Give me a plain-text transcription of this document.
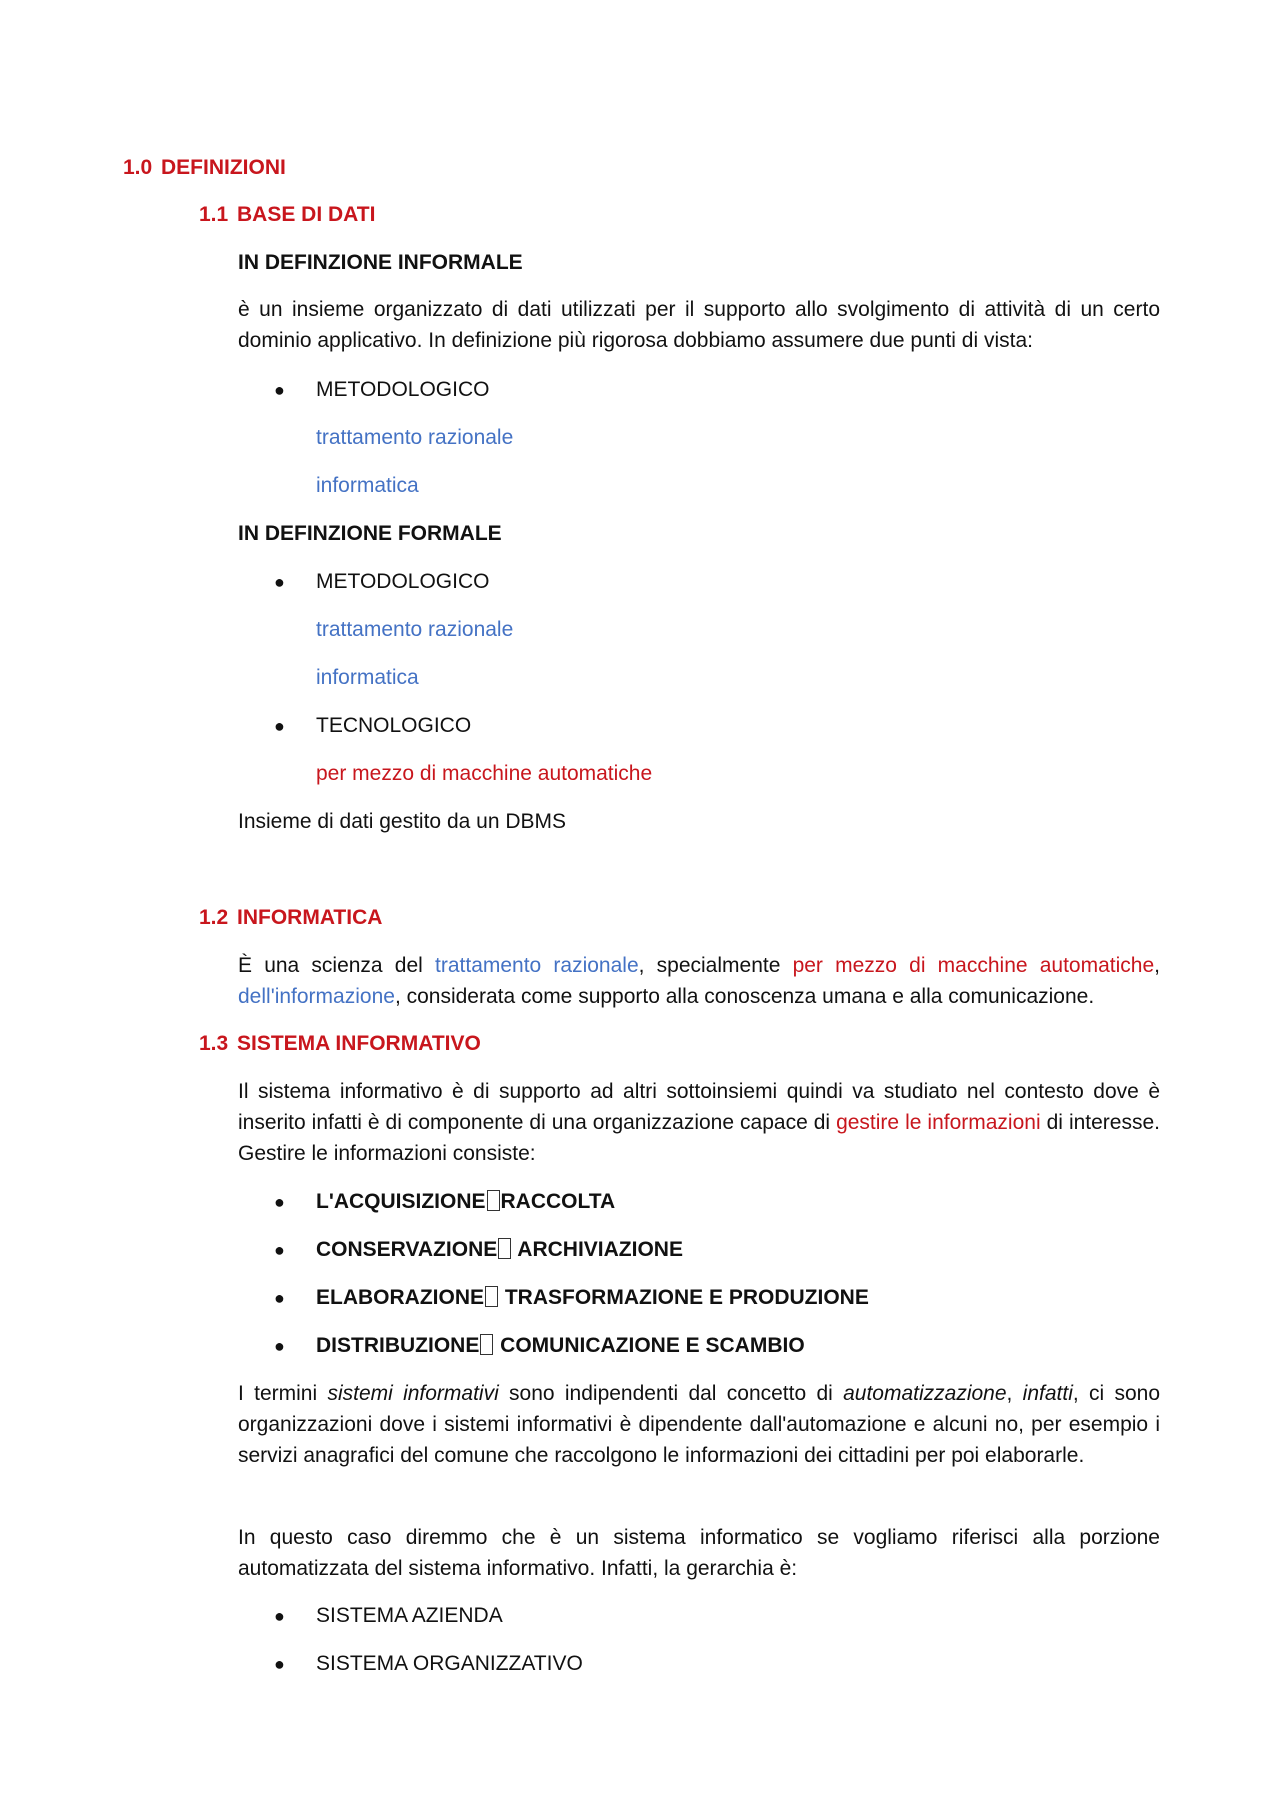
1.0 DEFINIZIONI

1.1 BASE DI DATI

IN DEFINZIONE INFORMALE

è un insieme organizzato di dati utilizzati per il supporto allo svolgimento di attività di un certo dominio applicativo. In definizione più rigorosa dobbiamo assumere due punti di vista:

● METODOLOGICO

trattamento razionale

informatica

IN DEFINZIONE FORMALE

● METODOLOGICO

trattamento razionale

informatica

● TECNOLOGICO

per mezzo di macchine automatiche

Insieme di dati gestito da un DBMS

1.2 INFORMATICA

È una scienza del trattamento razionale, specialmente per mezzo di macchine automatiche,

dell'informazione, considerata come supporto alla conoscenza umana e alla comunicazione.

1.3 SISTEMA INFORMATIVO

Il sistema informativo è di supporto ad altri sottoinsiemi quindi va studiato nel contesto dove è inserito infatti è di componente di una organizzazione capace di gestire le informazioni di interesse. Gestire le informazioni consiste:

● L'ACQUISIZIONE RACCOLTA

● CONSERVAZIONE ARCHIVIAZIONE

● ELABORAZIONE TRASFORMAZIONE E PRODUZIONE

● DISTRIBUZIONE COMUNICAZIONE E SCAMBIO

I termini sistemi informativi sono indipendenti dal concetto di automatizzazione, infatti, ci sono organizzazioni dove i sistemi informativi è dipendente dall'automazione e alcuni no, per esempio i servizi anagrafici del comune che raccolgono le informazioni dei cittadini per poi elaborarle.

In questo caso diremmo che è un sistema informatico se vogliamo riferisci alla porzione automatizzata del sistema informativo. Infatti, la gerarchia è:

● SISTEMA AZIENDA

● SISTEMA ORGANIZZATIVO
